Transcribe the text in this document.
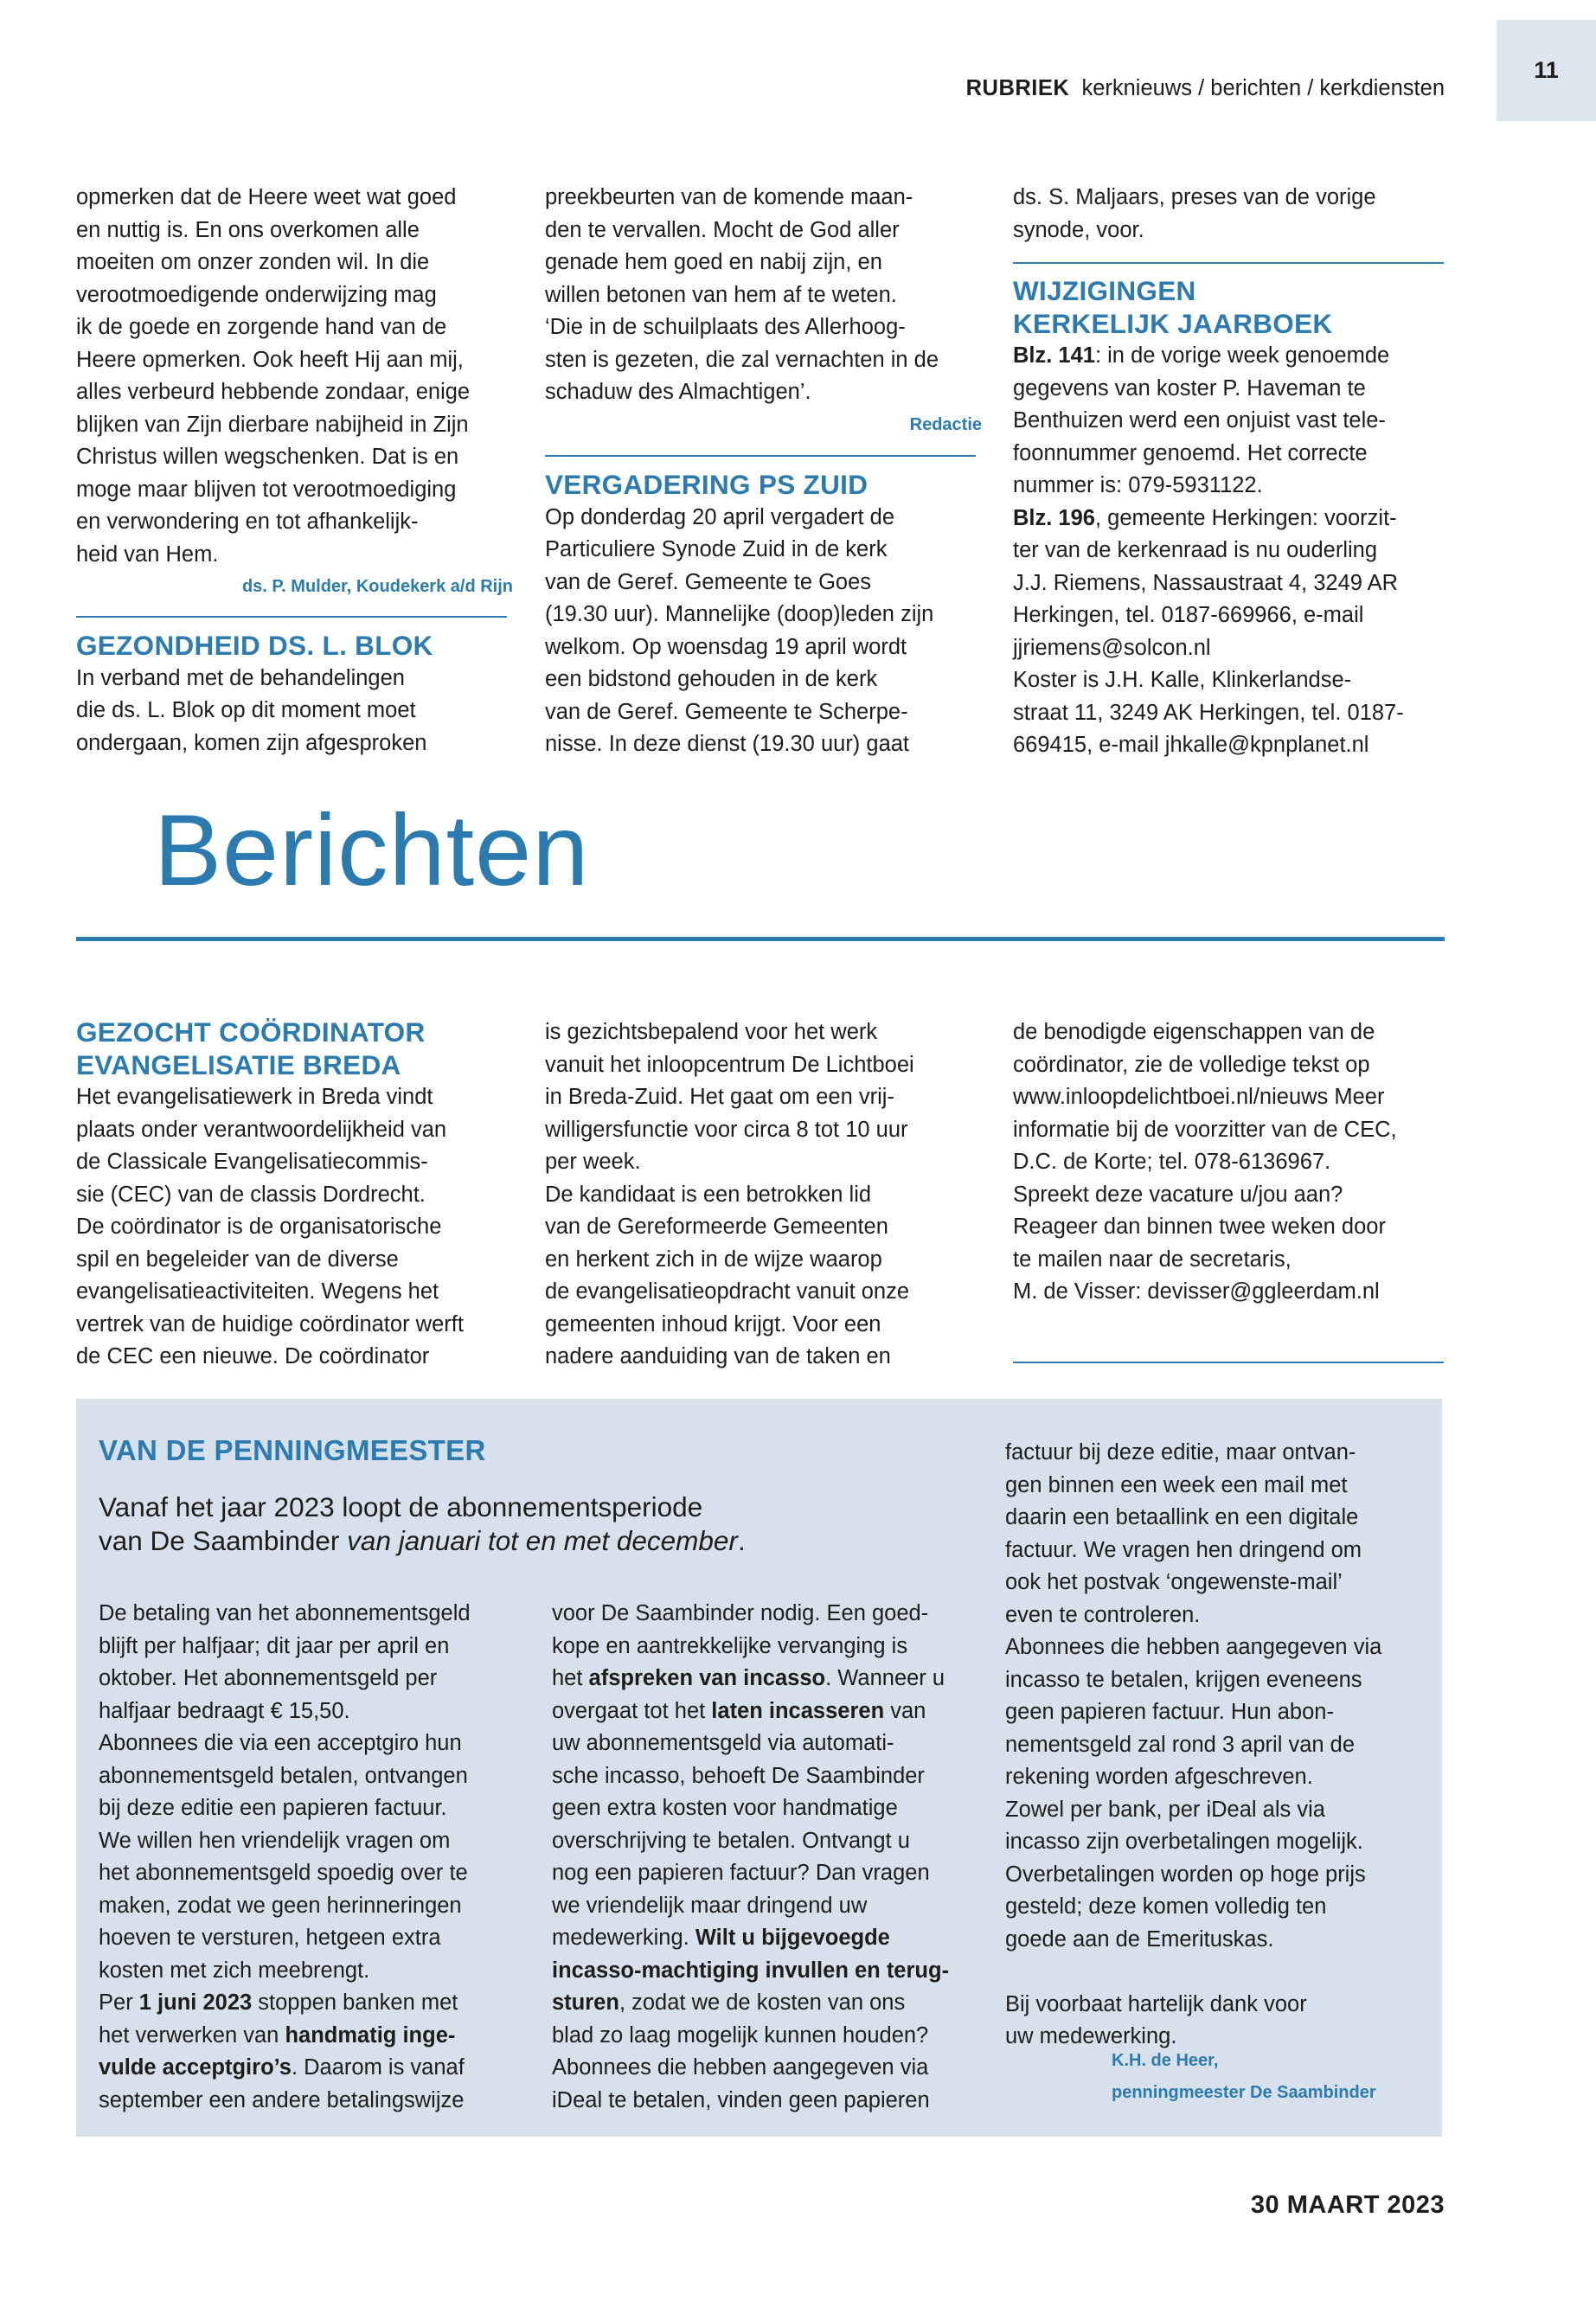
11
RUBRIEK kerknieuws / berichten / kerkdiensten
opmerken dat de Heere weet wat goed
en nuttig is. En ons overkomen alle
moeiten om onzer zonden wil. In die
verootmoedigende onderwijzing mag
ik de goede en zorgende hand van de
Heere opmerken. Ook heeft Hij aan mij,
alles verbeurd hebbende zondaar, enige
blijken van Zijn dierbare nabijheid in Zijn
Christus willen wegschenken. Dat is en
moge maar blijven tot verootmoediging
en verwondering en tot afhankelijk-
heid van Hem.
ds. P. Mulder, Koudekerk a/d Rijn
GEZONDHEID DS. L. BLOK
In verband met de behandelingen
die ds. L. Blok op dit moment moet
ondergaan, komen zijn afgesproken
preekbeurten van de komende maan-
den te vervallen. Mocht de God aller
genade hem goed en nabij zijn, en
willen betonen van hem af te weten.
‘Die in de schuilplaats des Allerhoog-
sten is gezeten, die zal vernachten in de
schaduw des Almachtigen’.
Redactie
VERGADERING PS ZUID
Op donderdag 20 april vergadert de
Particuliere Synode Zuid in de kerk
van de Geref. Gemeente te Goes
(19.30 uur). Mannelijke (doop)leden zijn
welkom. Op woensdag 19 april wordt
een bidstond gehouden in de kerk
van de Geref. Gemeente te Scherpe-
nisse. In deze dienst (19.30 uur) gaat
ds. S. Maljaars, preses van de vorige
synode, voor.
WIJZIGINGEN
KERKELIJK JAARBOEK
Blz. 141: in de vorige week genoemde
gegevens van koster P. Haveman te
Benthuizen werd een onjuist vast tele-
foonnummer genoemd. Het correcte
nummer is: 079-5931122.
Blz. 196, gemeente Herkingen: voorzit-
ter van de kerkenraad is nu ouderling
J.J. Riemens, Nassaustraat 4, 3249 AR
Herkingen, tel. 0187-669966, e-mail
jjriemens@solcon.nl
Koster is J.H. Kalle, Klinkerlandse-
straat 11, 3249 AK Herkingen, tel. 0187-
669415, e-mail jhkalle@kpnplanet.nl
Berichten
GEZOCHT COÖRDINATOR
EVANGELISATIE BREDA
Het evangelisatiewerk in Breda vindt
plaats onder verantwoordelijkheid van
de Classicale Evangelisatiecommis-
sie (CEC) van de classis Dordrecht.
De coördinator is de organisatorische
spil en begeleider van de diverse
evangelisatieactiviteiten. Wegens het
vertrek van de huidige coördinator werft
de CEC een nieuwe. De coördinator
is gezichtsbepalend voor het werk
vanuit het inloopcentrum De Lichtboei
in Breda-Zuid. Het gaat om een vrij-
willigersfunctie voor circa 8 tot 10 uur
per week.
De kandidaat is een betrokken lid
van de Gereformeerde Gemeenten
en herkent zich in de wijze waarop
de evangelisatieopdracht vanuit onze
gemeenten inhoud krijgt. Voor een
nadere aanduiding van de taken en
de benodigde eigenschappen van de
coördinator, zie de volledige tekst op
www.inloopdelichtboei.nl/nieuws Meer
informatie bij de voorzitter van de CEC,
D.C. de Korte; tel. 078-6136967.
Spreekt deze vacature u/jou aan?
Reageer dan binnen twee weken door
te mailen naar de secretaris,
M. de Visser: devisser@ggleerdam.nl
VAN DE PENNINGMEESTER
Vanaf het jaar 2023 loopt de abonnementsperiode
van De Saambinder van januari tot en met december.
De betaling van het abonnementsgeld
blijft per halfjaar; dit jaar per april en
oktober. Het abonnementsgeld per
halfjaar bedraagt € 15,50.
Abonnees die via een acceptgiro hun
abonnementsgeld betalen, ontvangen
bij deze editie een papieren factuur.
We willen hen vriendelijk vragen om
het abonnementsgeld spoedig over te
maken, zodat we geen herinneringen
hoeven te versturen, hetgeen extra
kosten met zich meebrengt.
Per 1 juni 2023 stoppen banken met
het verwerken van handmatig inge-
vulde acceptgiro’s. Daarom is vanaf
september een andere betalingswijze
voor De Saambinder nodig. Een goed-
kope en aantrekkelijke vervanging is
het afspreken van incasso. Wanneer u
overgaat tot het laten incasseren van
uw abonnementsgeld via automati-
sche incasso, behoeft De Saambinder
geen extra kosten voor handmatige
overschrijving te betalen. Ontvangt u
nog een papieren factuur? Dan vragen
we vriendelijk maar dringend uw
medewerking. Wilt u bijgevoegde
incasso-machtiging invullen en terug-
sturen, zodat we de kosten van ons
blad zo laag mogelijk kunnen houden?
Abonnees die hebben aangegeven via
iDeal te betalen, vinden geen papieren
factuur bij deze editie, maar ontvan-
gen binnen een week een mail met
daarin een betaallink en een digitale
factuur. We vragen hen dringend om
ook het postvak ‘ongewenste-mail’
even te controleren.
Abonnees die hebben aangegeven via
incasso te betalen, krijgen eveneens
geen papieren factuur. Hun abon-
nementsgeld zal rond 3 april van de
rekening worden afgeschreven.
Zowel per bank, per iDeal als via
incasso zijn overbetalingen mogelijk.
Overbetalingen worden op hoge prijs
gesteld; deze komen volledig ten
goede aan de Emerituskas.
Bij voorbaat hartelijk dank voor
uw medewerking.
K.H. de Heer,
penningmeester De Saambinder
30 MAART 2023
